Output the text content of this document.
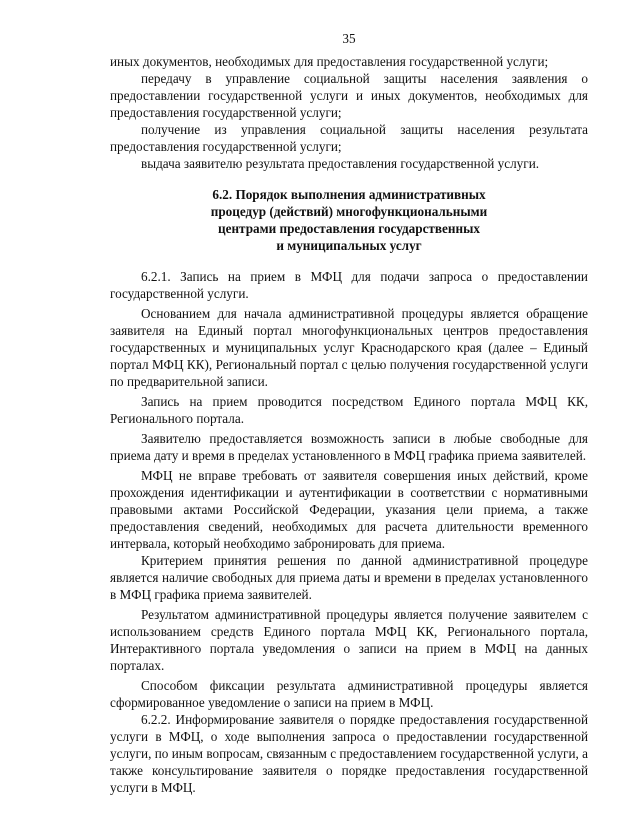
35

иных документов, необходимых для предоставления государственной услуги;

передачу в управление социальной защиты населения заявления о предоставлении государственной услуги и иных документов, необходимых для предоставления государственной услуги;

получение из управления социальной защиты населения результата предоставления государственной услуги;

выдача заявителю результата предоставления государственной услуги.

6.2. Порядок выполнения административных
процедур (действий) многофункциональными
центрами предоставления государственных
и муниципальных услуг

6.2.1. Запись на прием в МФЦ для подачи запроса о предоставлении государственной услуги.

Основанием для начала административной процедуры является обращение заявителя на Единый портал многофункциональных центров предоставления государственных и муниципальных услуг Краснодарского края (далее – Единый портал МФЦ КК), Региональный портал с целью получения государственной услуги по предварительной записи.

Запись на прием проводится посредством Единого портала МФЦ КК, Регионального портала.

Заявителю предоставляется возможность записи в любые свободные для приема дату и время в пределах установленного в МФЦ графика приема заявителей.

МФЦ не вправе требовать от заявителя совершения иных действий, кроме прохождения идентификации и аутентификации в соответствии с нормативными правовыми актами Российской Федерации, указания цели приема, а также предоставления сведений, необходимых для расчета длительности временного интервала, который необходимо забронировать для приема.

Критерием принятия решения по данной административной процедуре является наличие свободных для приема даты и времени в пределах установленного в МФЦ графика приема заявителей.

Результатом административной процедуры является получение заявителем с использованием средств Единого портала МФЦ КК, Регионального портала, Интерактивного портала уведомления о записи на прием в МФЦ на данных порталах.

Способом фиксации результата административной процедуры является сформированное уведомление о записи на прием в МФЦ.

6.2.2. Информирование заявителя о порядке предоставления государственной услуги в МФЦ, о ходе выполнения запроса о предоставлении государственной услуги, по иным вопросам, связанным с предоставлением государственной услуги, а также консультирование заявителя о порядке предоставления государственной услуги в МФЦ.
